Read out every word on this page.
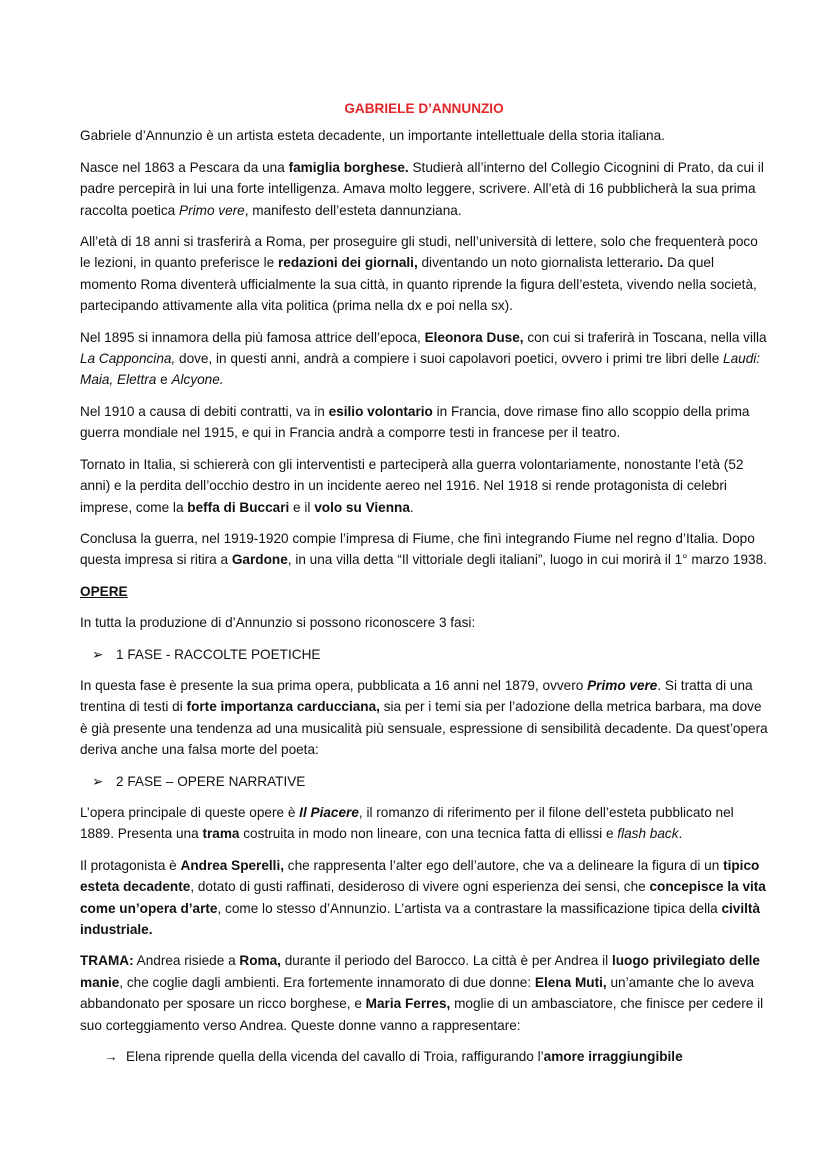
GABRIELE D’ANNUNZIO

Gabriele d’Annunzio è un artista esteta decadente, un importante intellettuale della storia italiana.

Nasce nel 1863 a Pescara da una famiglia borghese. Studierà all’interno del Collegio Cicognini di Prato, da cui il padre percepirà in lui una forte intelligenza. Amava molto leggere, scrivere. All’età di 16 pubblicherà la sua prima raccolta poetica Primo vere, manifesto dell’esteta dannunziana.

All’età di 18 anni si trasferirà a Roma, per proseguire gli studi, nell’università di lettere, solo che frequenterà poco le lezioni, in quanto preferisce le redazioni dei giornali, diventando un noto giornalista letterario. Da quel momento Roma diventerà ufficialmente la sua città, in quanto riprende la figura dell’esteta, vivendo nella società, partecipando attivamente alla vita politica (prima nella dx e poi nella sx).

Nel 1895 si innamora della più famosa attrice dell’epoca, Eleonora Duse, con cui si traferirà in Toscana, nella villa La Capponcina, dove, in questi anni, andrà a compiere i suoi capolavori poetici, ovvero i primi tre libri delle Laudi: Maia, Elettra e Alcyone.

Nel 1910 a causa di debiti contratti, va in esilio volontario in Francia, dove rimase fino allo scoppio della prima guerra mondiale nel 1915, e qui in Francia andrà a comporre testi in francese per il teatro.

Tornato in Italia, si schiererà con gli interventisti e parteciperà alla guerra volontariamente, nonostante l’età (52 anni) e la perdita dell’occhio destro in un incidente aereo nel 1916. Nel 1918 si rende protagonista di celebri imprese, come la beffa di Buccari e il volo su Vienna.

Conclusa la guerra, nel 1919-1920 compie l’impresa di Fiume, che finì integrando Fiume nel regno d’Italia. Dopo questa impresa si ritira a Gardone, in una villa detta “Il vittoriale degli italiani”, luogo in cui morirà il 1° marzo 1938.

OPERE

In tutta la produzione di d’Annunzio si possono riconoscere 3 fasi:

➢ 1 FASE - RACCOLTE POETICHE

In questa fase è presente la sua prima opera, pubblicata a 16 anni nel 1879, ovvero Primo vere. Si tratta di una trentina di testi di forte importanza carducciana, sia per i temi sia per l’adozione della metrica barbara, ma dove è già presente una tendenza ad una musicalità più sensuale, espressione di sensibilità decadente. Da quest’opera deriva anche una falsa morte del poeta:

➢ 2 FASE – OPERE NARRATIVE

L’opera principale di queste opere è Il Piacere, il romanzo di riferimento per il filone dell’esteta pubblicato nel 1889. Presenta una trama costruita in modo non lineare, con una tecnica fatta di ellissi e flash back.

Il protagonista è Andrea Sperelli, che rappresenta l’alter ego dell’autore, che va a delineare la figura di un tipico esteta decadente, dotato di gusti raffinati, desideroso di vivere ogni esperienza dei sensi, che concepisce la vita come un’opera d’arte, come lo stesso d’Annunzio. L’artista va a contrastare la massificazione tipica della civiltà industriale.

TRAMA: Andrea risiede a Roma, durante il periodo del Barocco. La città è per Andrea il luogo privilegiato delle manie, che coglie dagli ambienti. Era fortemente innamorato di due donne: Elena Muti, un’amante che lo aveva abbandonato per sposare un ricco borghese, e Maria Ferres, moglie di un ambasciatore, che finisce per cedere il suo corteggiamento verso Andrea. Queste donne vanno a rappresentare:

→ Elena riprende quella della vicenda del cavallo di Troia, raffigurando l’amore irraggiungibile
